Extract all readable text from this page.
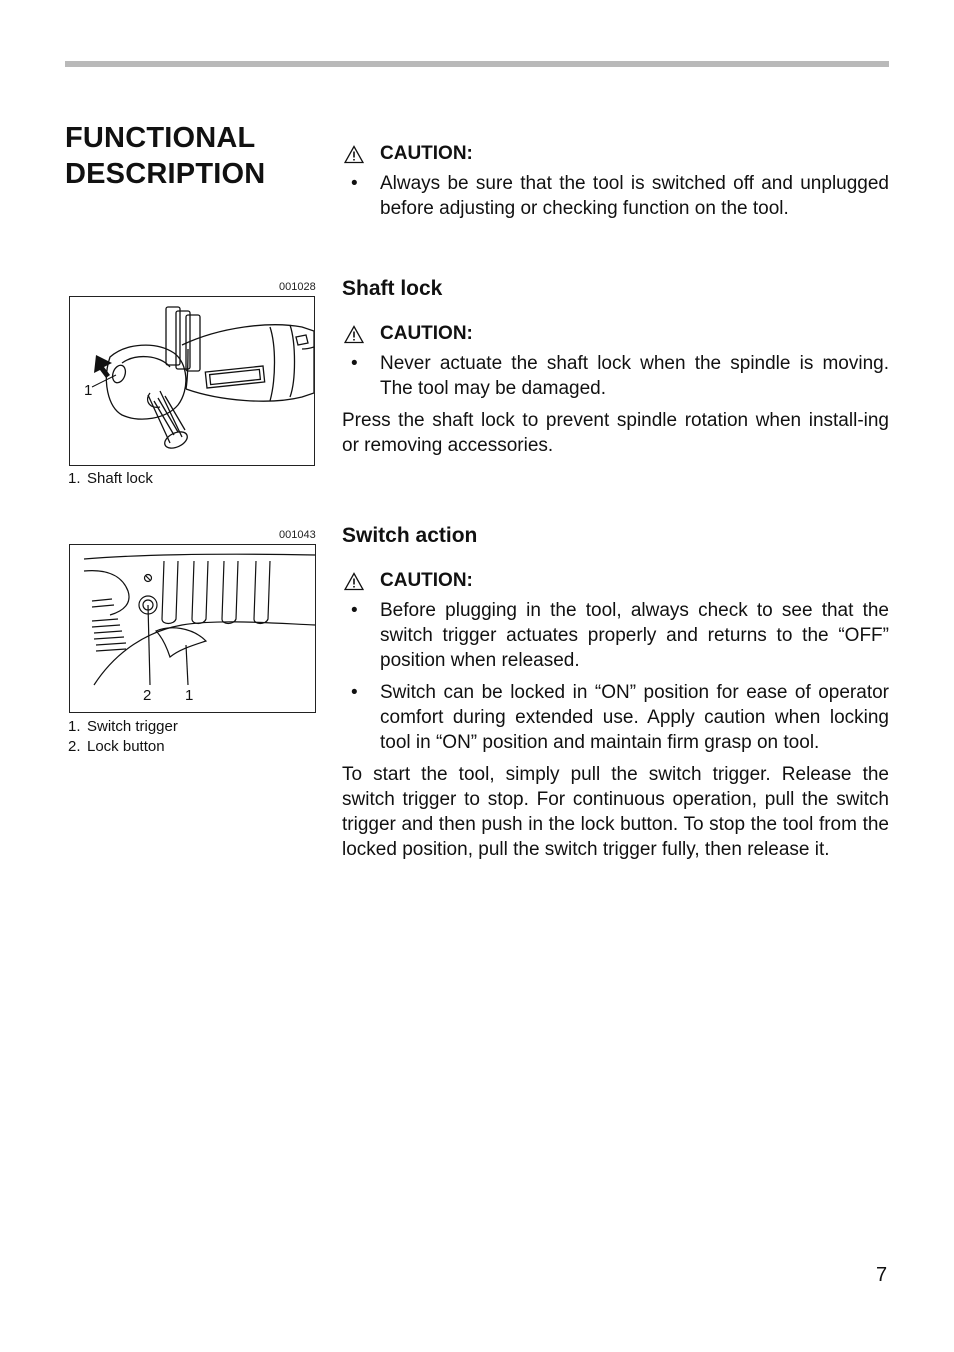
FUNCTIONAL
DESCRIPTION
CAUTION:
• Always be sure that the tool is switched off and unplugged before adjusting or checking function on the tool.
Shaft lock
CAUTION:
• Never actuate the shaft lock when the spindle is moving. The tool may be damaged.

Press the shaft lock to prevent spindle rotation when install-ing or removing accessories.

Switch action
CAUTION:
• Before plugging in the tool, always check to see that the switch trigger actuates properly and returns to the “OFF” position when released.
• Switch can be locked in “ON” position for ease of operator comfort during extended use. Apply caution when locking tool in “ON” position and maintain firm grasp on tool.

To start the tool, simply pull the switch trigger. Release the switch trigger to stop. For continuous operation, pull the switch trigger and then push in the lock button. To stop the tool from the locked position, pull the switch trigger fully, then release it.

001028
1
1. Shaft lock
001043
2 1
1. Switch trigger
2. Lock button
7
